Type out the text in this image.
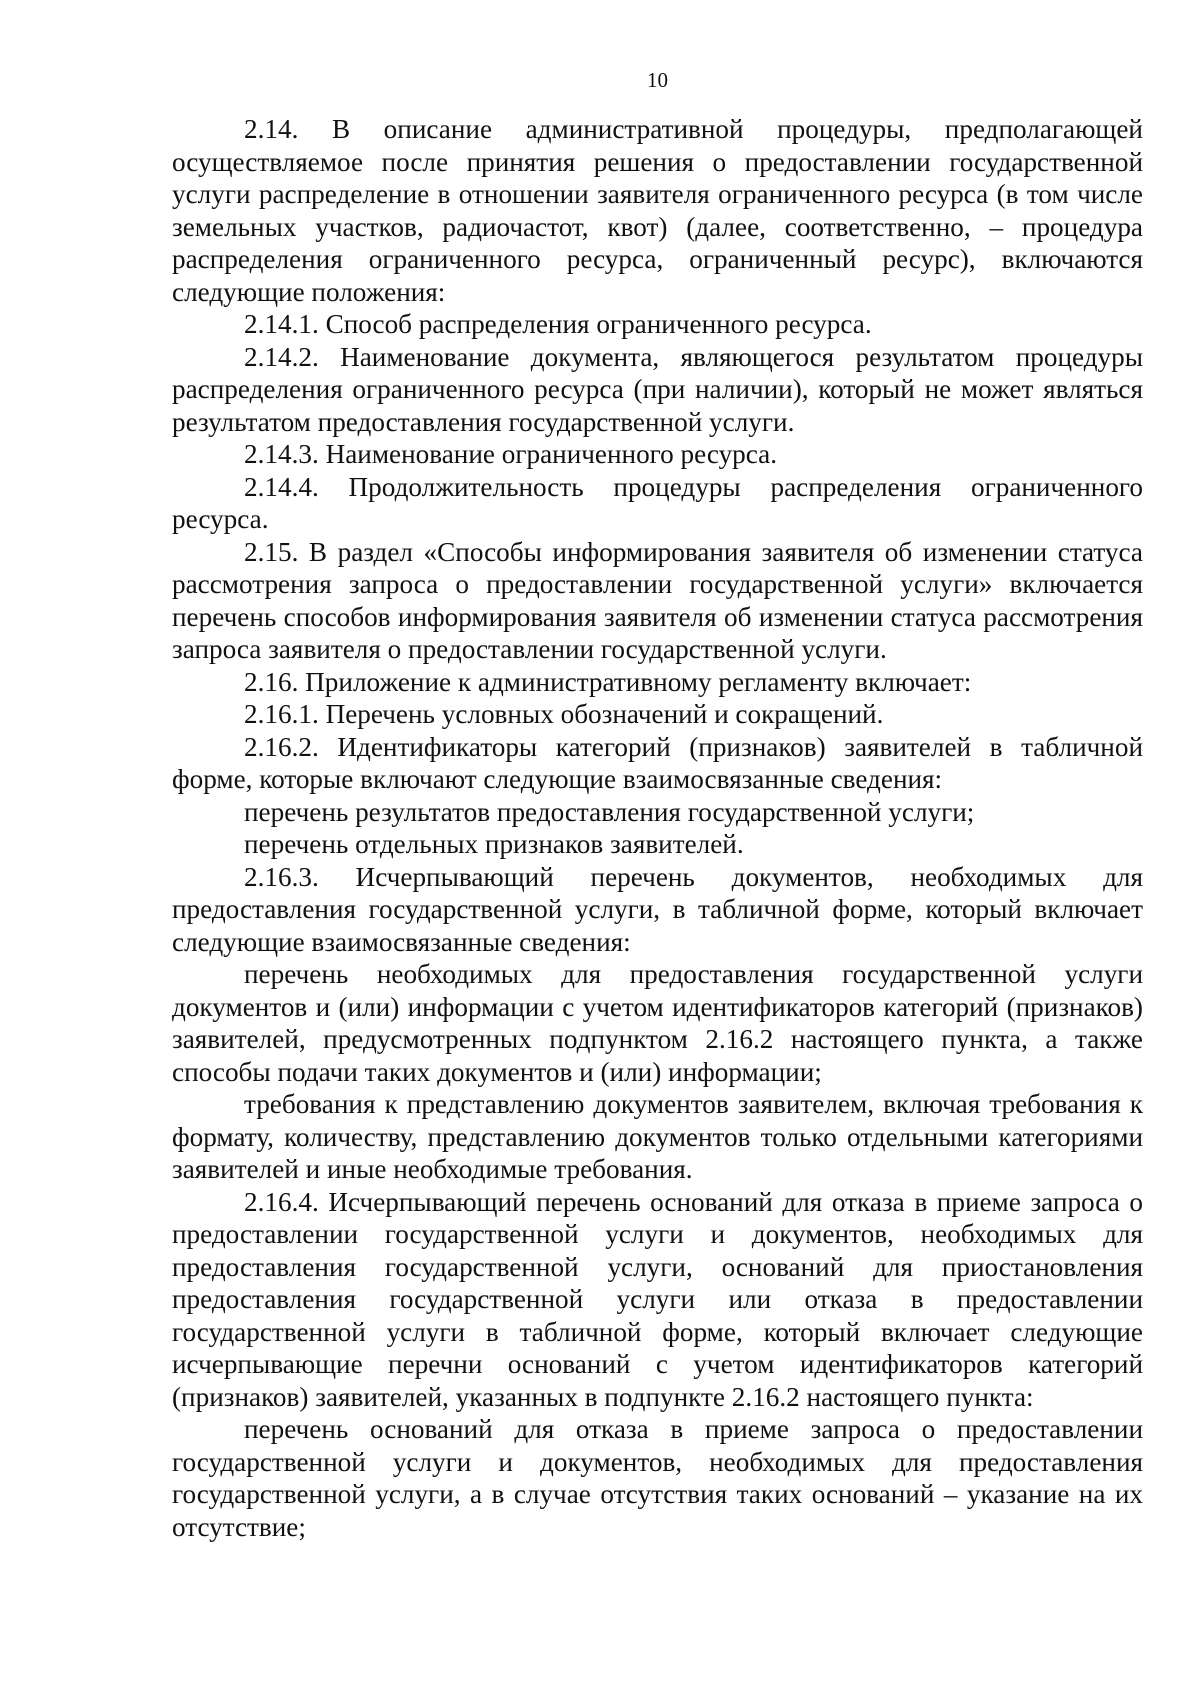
10

2.14. В описание административной процедуры, предполагающей осуществляемое после принятия решения о предоставлении государственной услуги распределение в отношении заявителя ограниченного ресурса (в том числе земельных участков, радиочастот, квот) (далее, соответственно, – процедура распределения ограниченного ресурса, ограниченный ресурс), включаются следующие положения:

2.14.1. Способ распределения ограниченного ресурса.

2.14.2. Наименование документа, являющегося результатом процедуры распределения ограниченного ресурса (при наличии), который не может являться результатом предоставления государственной услуги.

2.14.3. Наименование ограниченного ресурса.

2.14.4. Продолжительность процедуры распределения ограниченного ресурса.

2.15. В раздел «Способы информирования заявителя об изменении статуса рассмотрения запроса о предоставлении государственной услуги» включается перечень способов информирования заявителя об изменении статуса рассмотрения запроса заявителя о предоставлении государственной услуги.

2.16. Приложение к административному регламенту включает:

2.16.1. Перечень условных обозначений и сокращений.

2.16.2. Идентификаторы категорий (признаков) заявителей в табличной форме, которые включают следующие взаимосвязанные сведения:

перечень результатов предоставления государственной услуги;

перечень отдельных признаков заявителей.

2.16.3. Исчерпывающий перечень документов, необходимых для предоставления государственной услуги, в табличной форме, который включает следующие взаимосвязанные сведения:

перечень необходимых для предоставления государственной услуги документов и (или) информации с учетом идентификаторов категорий (признаков) заявителей, предусмотренных подпунктом 2.16.2 настоящего пункта, а также способы подачи таких документов и (или) информации;

требования к представлению документов заявителем, включая требования к формату, количеству, представлению документов только отдельными категориями заявителей и иные необходимые требования.

2.16.4. Исчерпывающий перечень оснований для отказа в приеме запроса о предоставлении государственной услуги и документов, необходимых для предоставления государственной услуги, оснований для приостановления предоставления государственной услуги или отказа в предоставлении государственной услуги в табличной форме, который включает следующие исчерпывающие перечни оснований с учетом идентификаторов категорий (признаков) заявителей, указанных в подпункте 2.16.2 настоящего пункта:

перечень оснований для отказа в приеме запроса о предоставлении государственной услуги и документов, необходимых для предоставления государственной услуги, а в случае отсутствия таких оснований – указание на их отсутствие;
